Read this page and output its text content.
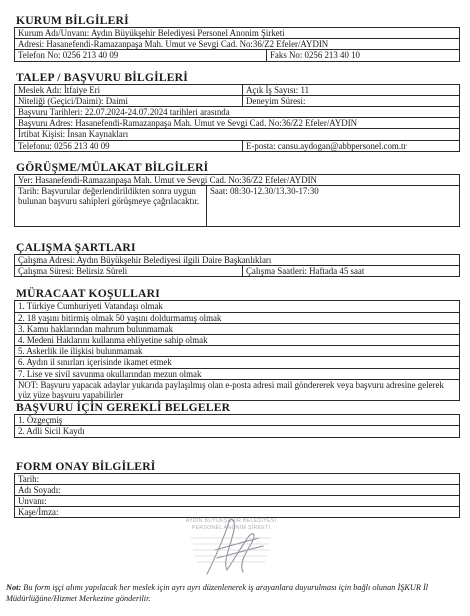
KURUM BİLGİLERİ
Kurum Adı/Unvanı: Aydın Büyükşehir Belediyesi Personel Anonim Şirketi
Adresi: Hasanefendi-Ramazanpaşa Mah. Umut ve Sevgi Cad. No:36/Z2 Efeler/AYDIN
Telefon No: 0256 213 40 09	Faks No: 0256 213 40 10
TALEP / BAŞVURU BİLGİLERİ
Meslek Adı: İtfaiye Eri	Açık İş Sayısı: 11
Niteliği (Geçici/Daimi): Daimi	Deneyim Süresi:
Başvuru Tarihleri: 22.07.2024-24.07.2024 tarihleri arasında
Başvuru Adres: Hasanefendi-Ramazanpaşa Mah. Umut ve Sevgi Cad. No:36/Z2 Efeler/AYDIN
İrtibat Kişisi: İnsan Kaynakları
Telefonu: 0256 213 40 09	E-posta: cansu.aydogan@abbpersonel.com.tr
GÖRÜŞME/MÜLAKAT BİLGİLERİ
Yer: Hasanefendi-Ramazanpaşa Mah. Umut ve Sevgi Cad. No:36/Z2 Efeler/AYDIN
Tarih: Başvurular değerlendirildikten sonra uygun bulunan başvuru sahipleri görüşmeye çağrılacaktır.
Saat: 08:30-12.30/13.30-17:30
ÇALIŞMA ŞARTLARI
Çalışma Adresi: Aydın Büyükşehir Belediyesi ilgili Daire Başkanlıkları
Çalışma Süresi: Belirsiz Süreli	Çalışma Saatleri: Haftada 45 saat
MÜRACAAT KOŞULLARI
1. Türkiye Cumhuriyeti Vatandaşı olmak
2. 18 yaşını bitirmiş olmak 50 yaşını doldurmamış olmak
3. Kamu haklarından mahrum bulunmamak
4. Medeni Haklarını kullanma ehliyetine sahip olmak
5. Askerlik ile ilişkisi bulunmamak
6. Aydın il sınırları içerisinde ikamet etmek
7. Lise ve sivil savunma okullarından mezun olmak
NOT: Başvuru yapacak adaylar yukarıda paylaşılmış olan e-posta adresi mail göndererek veya başvuru adresine gelerek yüz yüze başvuru yapabilirler
BAŞVURU İÇİN GEREKLİ BELGELER
1. Özgeçmiş
2. Adli Sicil Kaydı
FORM ONAY BİLGİLERİ
Tarih:
Adı Soyadı:
Unvanı:
Kaşe/İmza:
AYDIN BÜYÜKŞEHİR BELEDİYESİ
PERSONEL ANONİM ŞİRKETİ
Not: Bu form işçi alımı yapılacak her meslek için ayrı ayrı düzenlenerek iş arayanlara duyurulması için bağlı olunan İŞKUR İl Müdürlüğüne/Hizmet Merkezine gönderilir.
